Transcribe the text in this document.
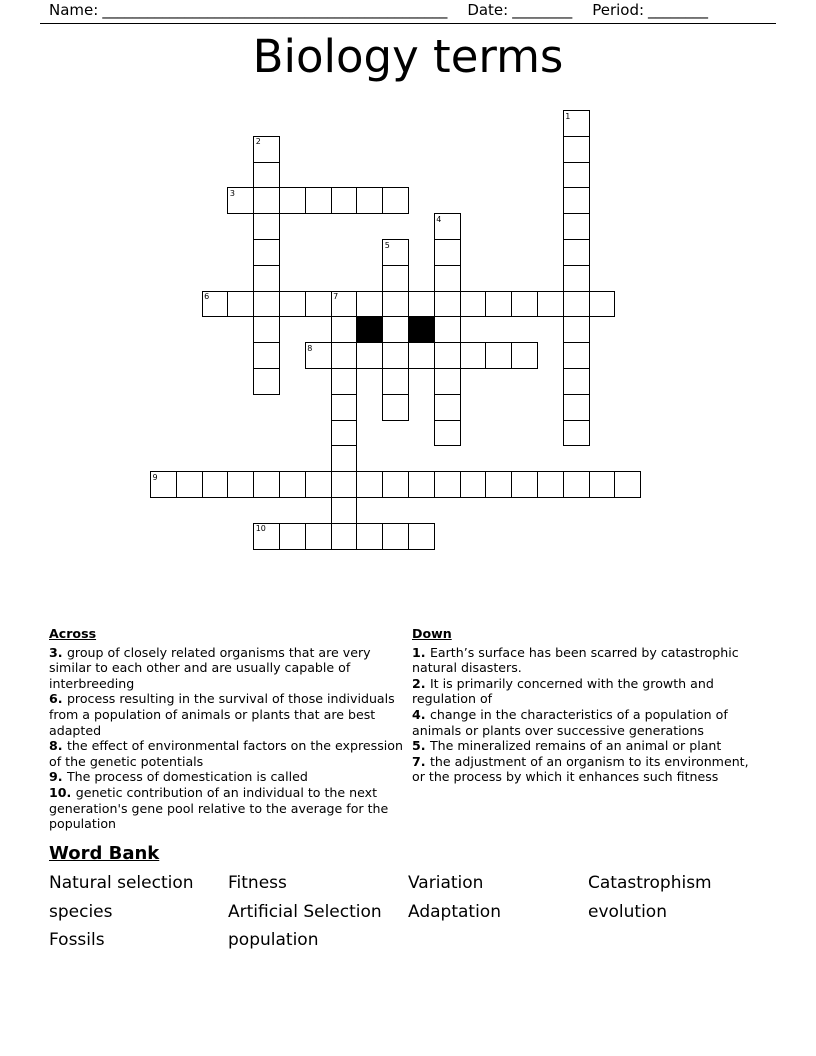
Name: ______________________________________________ Date: ________ Period: ________
Biology terms
3
6	7
8
9
10
1
2
4
5
Across

3. group of closely related organisms that are very similar to each other and are usually capable of interbreeding

6. process resulting in the survival of those individuals from a population of animals or plants that are best adapted

8. the effect of environmental factors on the expression of the genetic potentials

9. The process of domestication is called

10. genetic contribution of an individual to the next generation's gene pool relative to the average for the population

Down

1. Earth’s surface has been scarred by catastrophic natural disasters.

2. It is primarily concerned with the growth and regulation of

4. change in the characteristics of a population of animals or plants over successive generations

5. The mineralized remains of an animal or plant

7. the adjustment of an organism to its environment, or the process by which it enhances such fitness

Word Bank
Natural selection	Fitness	Variation	Catastrophism
species	Artificial Selection	Adaptation	evolution
Fossils	population
